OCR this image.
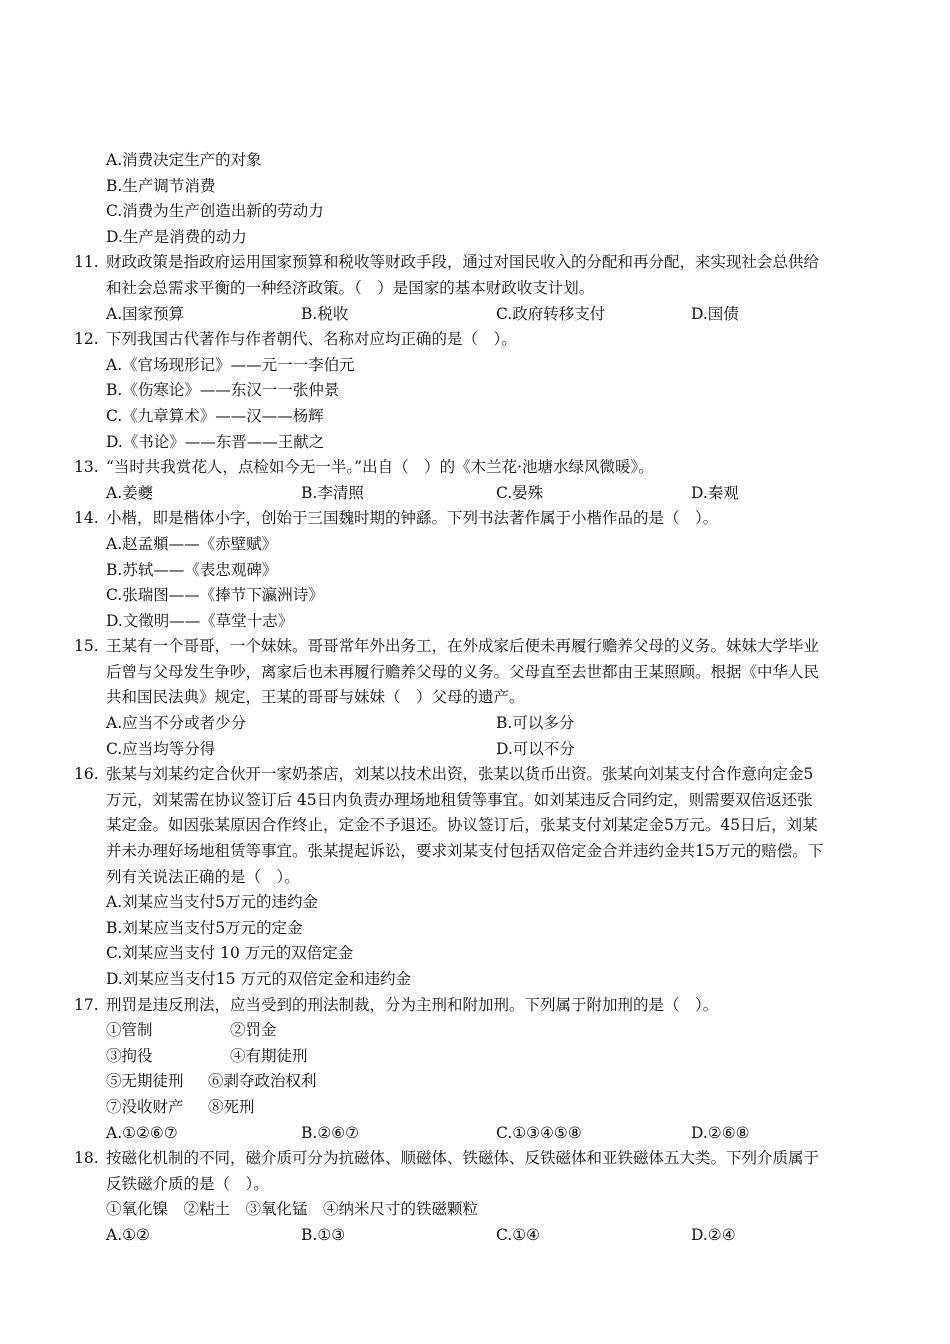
A.消费决定生产的对象
B.生产调节消费
C.消费为生产创造出新的劳动力
D.生产是消费的动力
11. 财政政策是指政府运用国家预算和税收等财政手段，通过对国民收入的分配和再分配，来实现社会总供给
和社会总需求平衡的一种经济政策。（　）是国家的基本财政收支计划。
A.国家预算	B.税收	C.政府转移支付	D.国债
12. 下列我国古代著作与作者朝代、名称对应均正确的是（　）。
A.《官场现形记》——元一一李伯元
B.《伤寒论》——东汉一一张仲景
C.《九章算术》——汉——杨辉
D.《书论》——东晋——王献之
13. “当时共我赏花人，点检如今无一半。”出自（　）的《木兰花·池塘水绿风微暖》。
A.姜夔	B.李清照	C.晏殊	D.秦观
14. 小楷，即是楷体小字，创始于三国魏时期的钟繇。下列书法著作属于小楷作品的是（　）。
A.赵孟頫——《赤壁赋》
B.苏轼——《表忠观碑》
C.张瑞图——《捧节下瀛洲诗》
D.文徵明——《草堂十志》
15. 王某有一个哥哥，一个妹妹。哥哥常年外出务工，在外成家后便未再履行赡养父母的义务。妹妹大学毕业
后曾与父母发生争吵，离家后也未再履行赡养父母的义务。父母直至去世都由王某照顾。根据《中华人民
共和国民法典》规定，王某的哥哥与妹妹（　）父母的遗产。
A.应当不分或者少分	B.可以多分
C.应当均等分得	D.可以不分
16. 张某与刘某约定合伙开一家奶茶店，刘某以技术出资，张某以货币出资。张某向刘某支付合作意向定金5
万元，刘某需在协议签订后 45日内负责办理场地租赁等事宜。如刘某违反合同约定，则需要双倍返还张
某定金。如因张某原因合作终止，定金不予退还。协议签订后，张某支付刘某定金5万元。45日后，刘某
并未办理好场地租赁等事宜。张某提起诉讼，要求刘某支付包括双倍定金合并违约金共15万元的赔偿。下
列有关说法正确的是（　）。
A.刘某应当支付5万元的违约金
B.刘某应当支付5万元的定金
C.刘某应当支付 10 万元的双倍定金
D.刘某应当支付15 万元的双倍定金和违约金
17. 刑罚是违反刑法，应当受到的刑法制裁，分为主刑和附加刑。下列属于附加刑的是（　）。
①管制	②罚金
③拘役	④有期徒刑
⑤无期徒刑 ⑥剥夺政治权利
⑦没收财产 ⑧死刑
A.①②⑥⑦	B.②⑥⑦	C.①③④⑤⑧	D.②⑥⑧
18. 按磁化机制的不同，磁介质可分为抗磁体、顺磁体、铁磁体、反铁磁体和亚铁磁体五大类。下列介质属于
反铁磁介质的是（　）。
①氧化镍　②粘土　③氧化锰　④纳米尺寸的铁磁颗粒
A.①②	B.①③	C.①④	D.②④
